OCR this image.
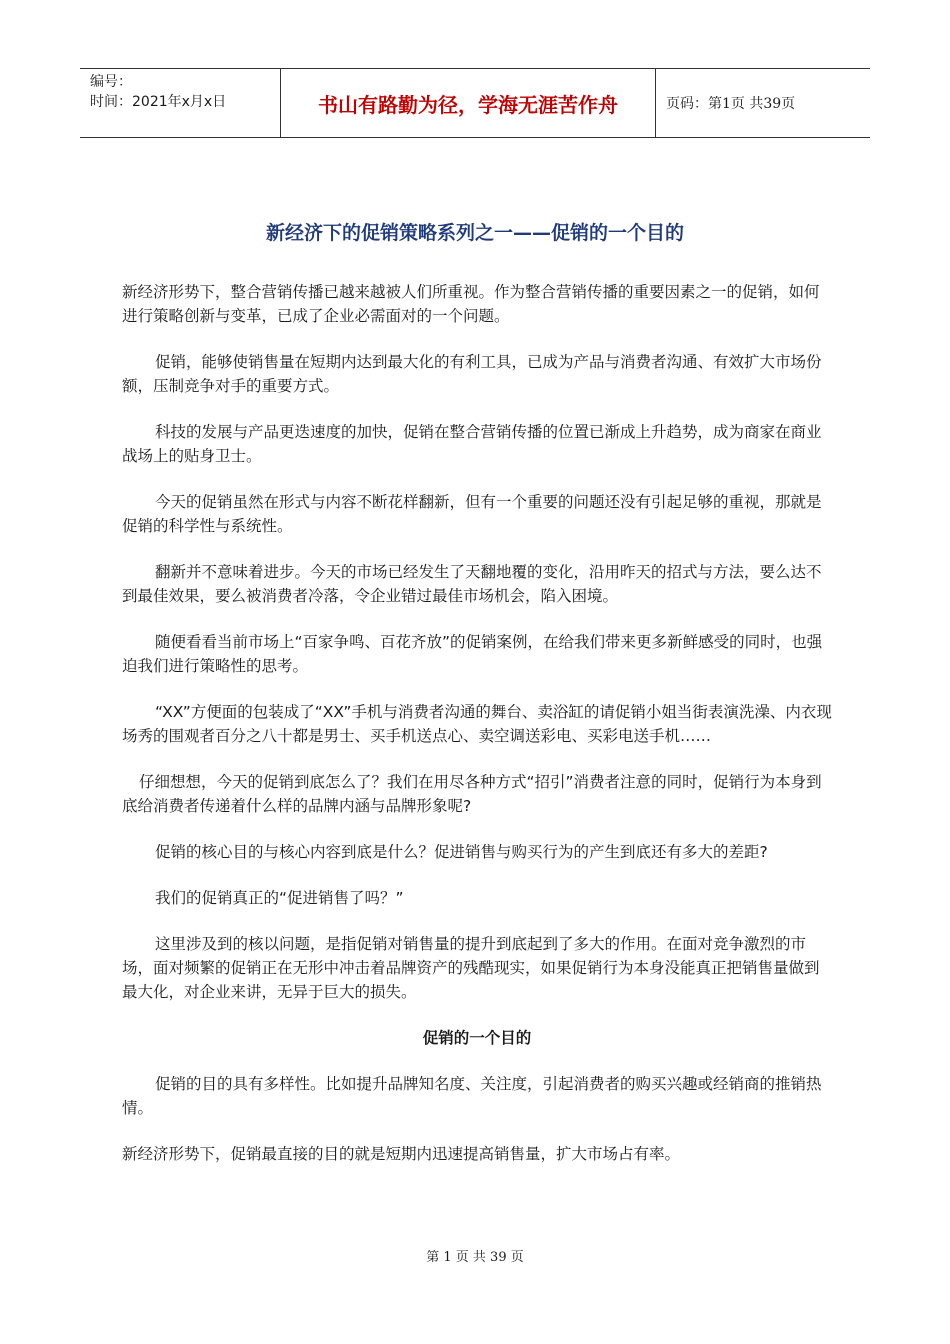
编号：
时间：2021年x月x日	书山有路勤为径，学海无涯苦作舟	页码：第1页 共39页
新经济下的促销策略系列之一——促销的一个目的

新经济形势下，整合营销传播已越来越被人们所重视。作为整合营销传播的重要因素之一的促销，如何进行策略创新与变革，已成了企业必需面对的一个问题。

促销，能够使销售量在短期内达到最大化的有利工具，已成为产品与消费者沟通、有效扩大市场份额，压制竞争对手的重要方式。

科技的发展与产品更迭速度的加快，促销在整合营销传播的位置已渐成上升趋势，成为商家在商业战场上的贴身卫士。

今天的促销虽然在形式与内容不断花样翻新，但有一个重要的问题还没有引起足够的重视，那就是促销的科学性与系统性。

翻新并不意味着进步。今天的市场已经发生了天翻地覆的变化，沿用昨天的招式与方法，要么达不到最佳效果，要么被消费者冷落，令企业错过最佳市场机会，陷入困境。

随便看看当前市场上“百家争鸣、百花齐放”的促销案例，在给我们带来更多新鲜感受的同时，也强迫我们进行策略性的思考。

“XX”方便面的包装成了“XX”手机与消费者沟通的舞台、卖浴缸的请促销小姐当街表演洗澡、内衣现场秀的围观者百分之八十都是男士、买手机送点心、卖空调送彩电、买彩电送手机……

仔细想想，今天的促销到底怎么了？我们在用尽各种方式“招引”消费者注意的同时，促销行为本身到底给消费者传递着什么样的品牌内涵与品牌形象呢?

促销的核心目的与核心内容到底是什么？促进销售与购买行为的产生到底还有多大的差距?

我们的促销真正的“促进销售了吗？”

这里涉及到的核以问题，是指促销对销售量的提升到底起到了多大的作用。在面对竞争激烈的市场，面对频繁的促销正在无形中冲击着品牌资产的残酷现实，如果促销行为本身没能真正把销售量做到最大化，对企业来讲，无异于巨大的损失。

促销的一个目的

促销的目的具有多样性。比如提升品牌知名度、关注度，引起消费者的购买兴趣或经销商的推销热情。

新经济形势下，促销最直接的目的就是短期内迅速提高销售量，扩大市场占有率。

第 1 页 共 39 页
